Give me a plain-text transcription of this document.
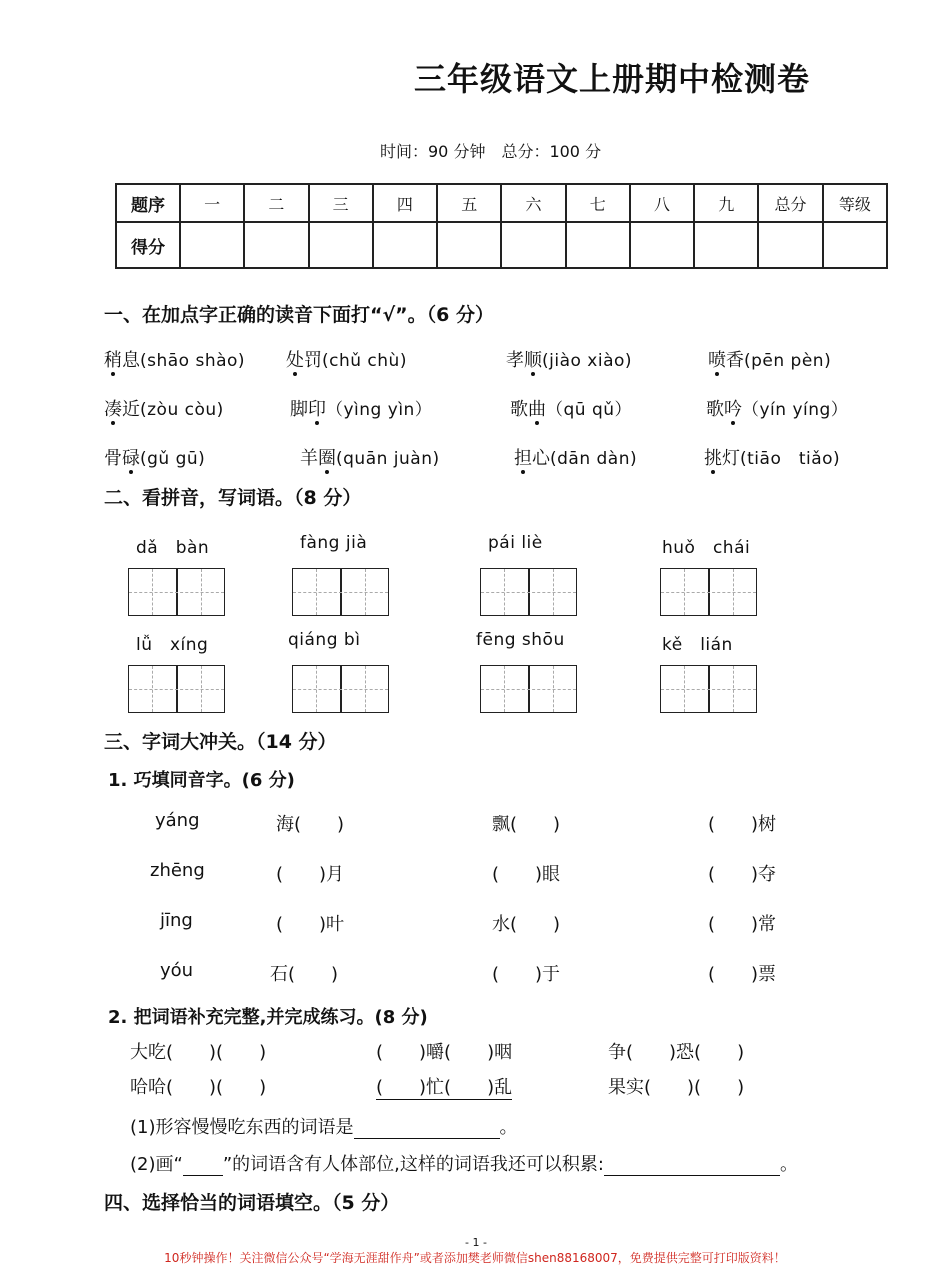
三年级语文上册期中检测卷
时间：90 分钟　总分：100 分
题序	一	二	三	四	五	六	七	八	九	总分	等级
得分											
一、在加点字正确的读音下面打“√”。（6 分）
稍息(shāo shào) 处罚(chǔ chù)	孝顺(jiào xiào)	喷香(pēn pèn)
凑近(zòu còu)	脚印（yìng yìn）	歌曲（qū qǔ）	歌吟（yín yíng）
骨碌(gǔ gū)	羊圈(quān juàn)	担心(dān dàn)	挑灯(tiāo　tiǎo)
二、看拼音，写词语。（8 分）
dǎ　bàn	fàng jià	pái liè	huǒ　chái
lǚ　xíng	qiáng bì	fēng shōu	kě　lián
三、字词大冲关。（14 分）
1. 巧填同音字。(6 分)
yáng	海(　　)	飘(　　)	(　　)树
zhēng	(　　)月	(　　)眼	(　　)夺
jīng	(　　)叶	水(　　)	(　　)常
yóu	石(　　)	(　　)于	(　　)票
2. 把词语补充完整,并完成练习。(8 分)
大吃(　　)(　　)	(　　)嚼(　　)咽	争(　　)恐(　　)
哈哈(　　)(　　)	(　　)忙(　　)乱	果实(　　)(　　)
(1)形容慢慢吃东西的词语是	。
(2)画“ ”的词语含有人体部位,这样的词语我还可以积累:	。
四、选择恰当的词语填空。（5 分）
- 1 -
10秒钟操作！关注微信公众号“学海无涯甜作舟”或者添加樊老师微信shen88168007，免费提供完整可打印版资料！
